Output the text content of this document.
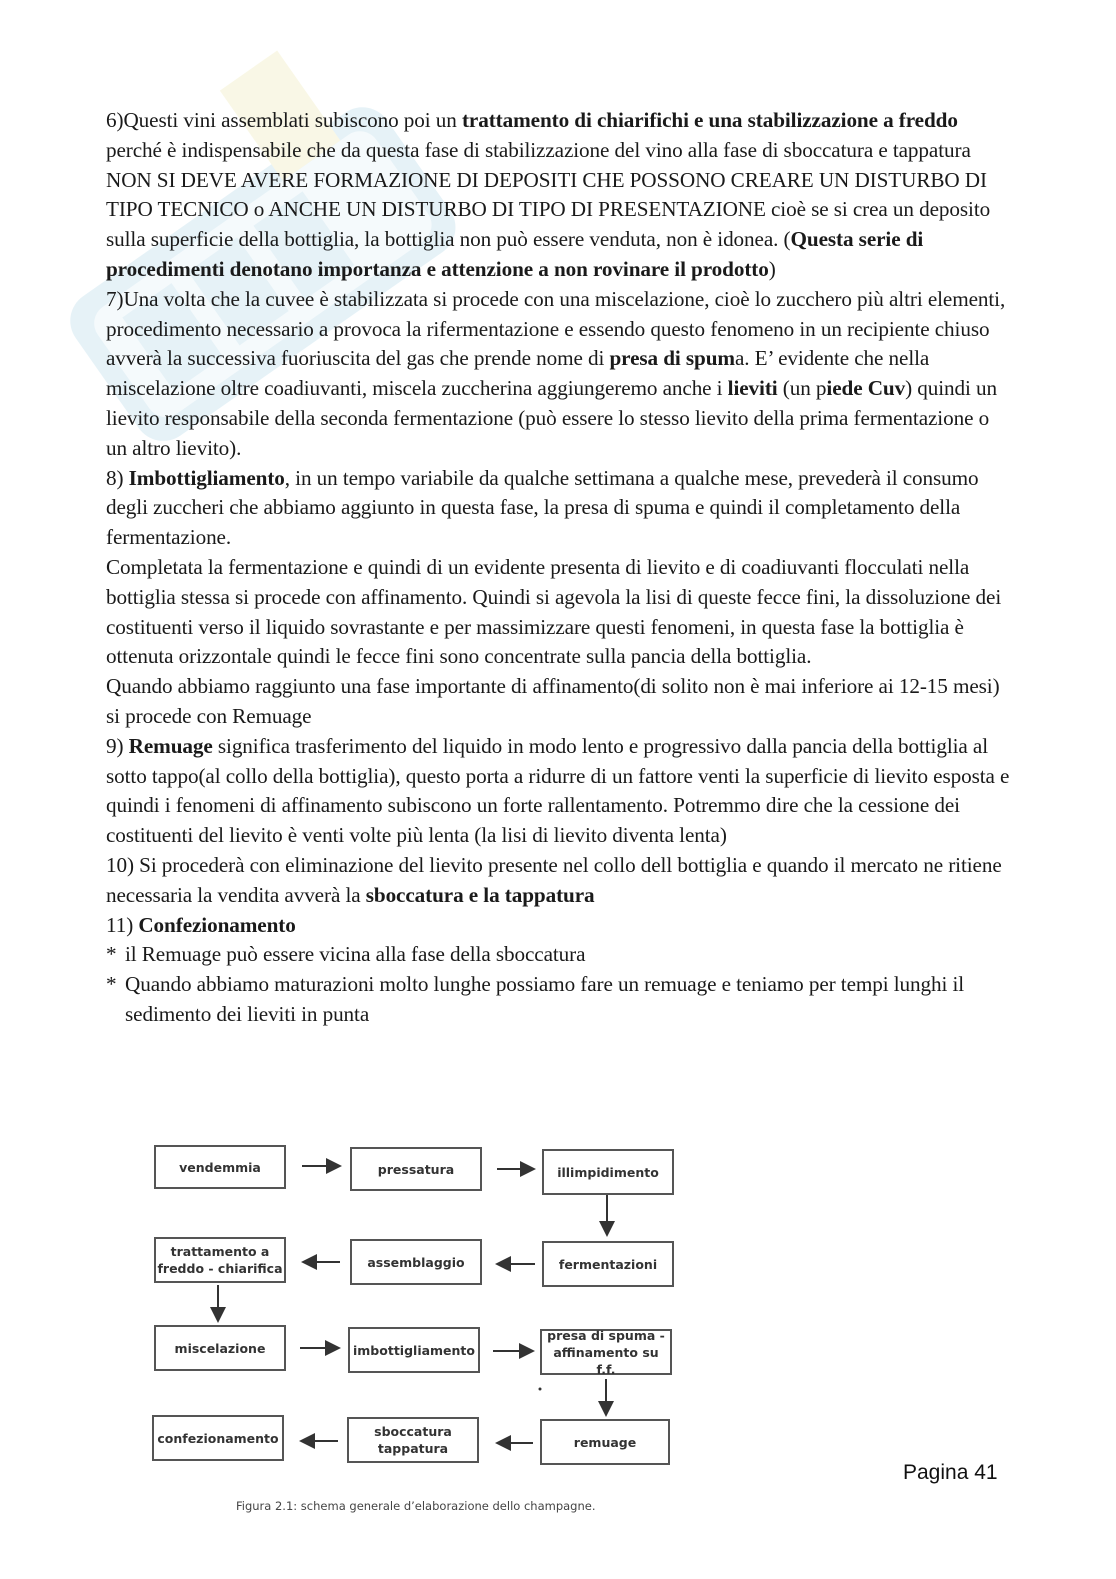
6)Questi vini assemblati subiscono poi un trattamento di chiarifichi e una stabilizzazione a freddo perché è indispensabile che da questa fase di stabilizzazione del vino alla fase di sboccatura e tappatura NON SI DEVE AVERE FORMAZIONE DI DEPOSITI CHE POSSONO CREARE UN DISTURBO DI TIPO TECNICO o ANCHE UN DISTURBO DI TIPO DI PRESENTAZIONE cioè se si crea un deposito sulla superficie della bottiglia, la bottiglia non può essere venduta, non è idonea. (Questa serie di procedimenti denotano importanza e attenzione a non rovinare il prodotto)

7)Una volta che la cuvee è stabilizzata si procede con una miscelazione, cioè lo zucchero più altri elementi, procedimento necessario a provoca la rifermentazione e essendo questo fenomeno in un recipiente chiuso avverà la successiva fuoriuscita del gas che prende nome di presa di spuma. E’ evidente che nella miscelazione oltre coadiuvanti, miscela zuccherina aggiungeremo anche i lieviti (un piede Cuv) quindi un lievito responsabile della seconda fermentazione (può essere lo stesso lievito della prima fermentazione o un altro lievito).

8) Imbottigliamento, in un tempo variabile da qualche settimana a qualche mese, prevederà il consumo degli zuccheri che abbiamo aggiunto in questa fase, la presa di spuma e quindi il completamento della fermentazione.

Completata la fermentazione e quindi di un evidente presenta di lievito e di coadiuvanti flocculati nella bottiglia stessa si procede con affinamento. Quindi si agevola la lisi di queste fecce fini, la dissoluzione dei costituenti verso il liquido sovrastante e per massimizzare questi fenomeni, in questa fase la bottiglia è ottenuta orizzontale quindi le fecce fini sono concentrate sulla pancia della bottiglia.

Quando abbiamo raggiunto una fase importante di affinamento(di solito non è mai inferiore ai 12-15 mesi) si procede con Remuage

9) Remuage significa trasferimento del liquido in modo lento e progressivo dalla pancia della bottiglia al sotto tappo(al collo della bottiglia), questo porta a ridurre di un fattore venti la superficie di lievito esposta e quindi i fenomeni di affinamento subiscono un forte rallentamento. Potremmo dire che la cessione dei costituenti del lievito è venti volte più lenta (la lisi di lievito diventa lenta)

10) Si procederà con eliminazione del lievito presente nel collo dell bottiglia e quando il mercato ne ritiene necessaria la vendita avverà la sboccatura e la tappatura

11) Confezionamento

* il Remuage può essere vicina alla fase della sboccatura
* Quando abbiamo maturazioni molto lunghe possiamo fare un remuage e teniamo per tempi lunghi il sedimento dei lieviti in punta
vendemmia	pressatura	illimpidimento
trattamento a
freddo - chiarifica	assemblaggio	fermentazioni
miscelazione	imbottigliamento
presa di spuma -
affinamento su f.f.
confezionamento	sboccatura
tappatura	remuage
Figura 2.1: schema generale d’elaborazione dello champagne.
Pagina 41
